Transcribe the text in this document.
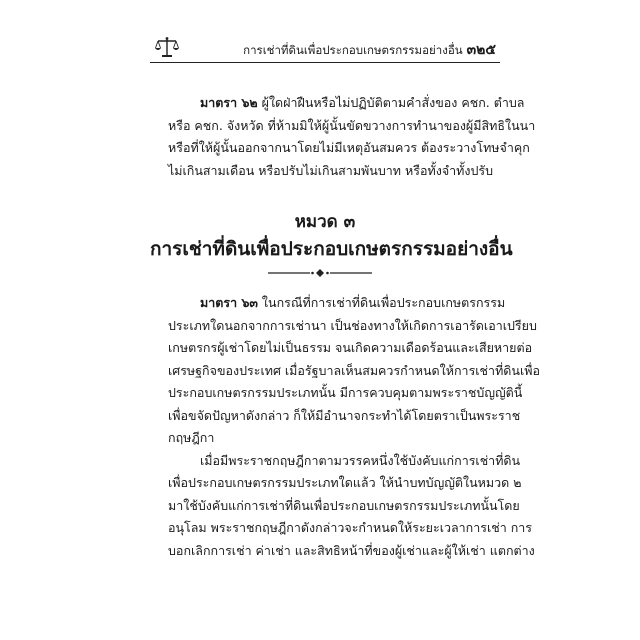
การเช่าที่ดินเพื่อประกอบเกษตรกรรมอย่างอื่น ๓๒๕
มาตรา ๖๒ ผู้ใดฝ่าฝืนหรือไม่ปฏิบัติตามคำสั่งของ คชก. ตำบล
หรือ คชก. จังหวัด ที่ห้ามมิให้ผู้นั้นขัดขวางการทำนาของผู้มีสิทธิในนา
หรือที่ให้ผู้นั้นออกจากนาโดยไม่มีเหตุอันสมควร ต้องระวางโทษจำคุก
ไม่เกินสามเดือน หรือปรับไม่เกินสามพันบาท หรือทั้งจำทั้งปรับ
หมวด ๓
การเช่าที่ดินเพื่อประกอบเกษตรกรรมอย่างอื่น
มาตรา ๖๓ ในกรณีที่การเช่าที่ดินเพื่อประกอบเกษตรกรรม
ประเภทใดนอกจากการเช่านา เป็นช่องทางให้เกิดการเอารัดเอาเปรียบ
เกษตรกรผู้เช่าโดยไม่เป็นธรรม จนเกิดความเดือดร้อนและเสียหายต่อ
เศรษฐกิจของประเทศ เมื่อรัฐบาลเห็นสมควรกำหนดให้การเช่าที่ดินเพื่อ
ประกอบเกษตรกรรมประเภทนั้น มีการควบคุมตามพระราชบัญญัตินี้
เพื่อขจัดปัญหาดังกล่าว ก็ให้มีอำนาจกระทำได้โดยตราเป็นพระราช
กฤษฎีกา
เมื่อมีพระราชกฤษฎีกาตามวรรคหนึ่งใช้บังคับแก่การเช่าที่ดิน
เพื่อประกอบเกษตรกรรมประเภทใดแล้ว ให้นำบทบัญญัติในหมวด ๒
มาใช้บังคับแก่การเช่าที่ดินเพื่อประกอบเกษตรกรรมประเภทนั้นโดย
อนุโลม พระราชกฤษฎีกาดังกล่าวจะกำหนดให้ระยะเวลาการเช่า การ
บอกเลิกการเช่า ค่าเช่า และสิทธิหน้าที่ของผู้เช่าและผู้ให้เช่า แตกต่าง
